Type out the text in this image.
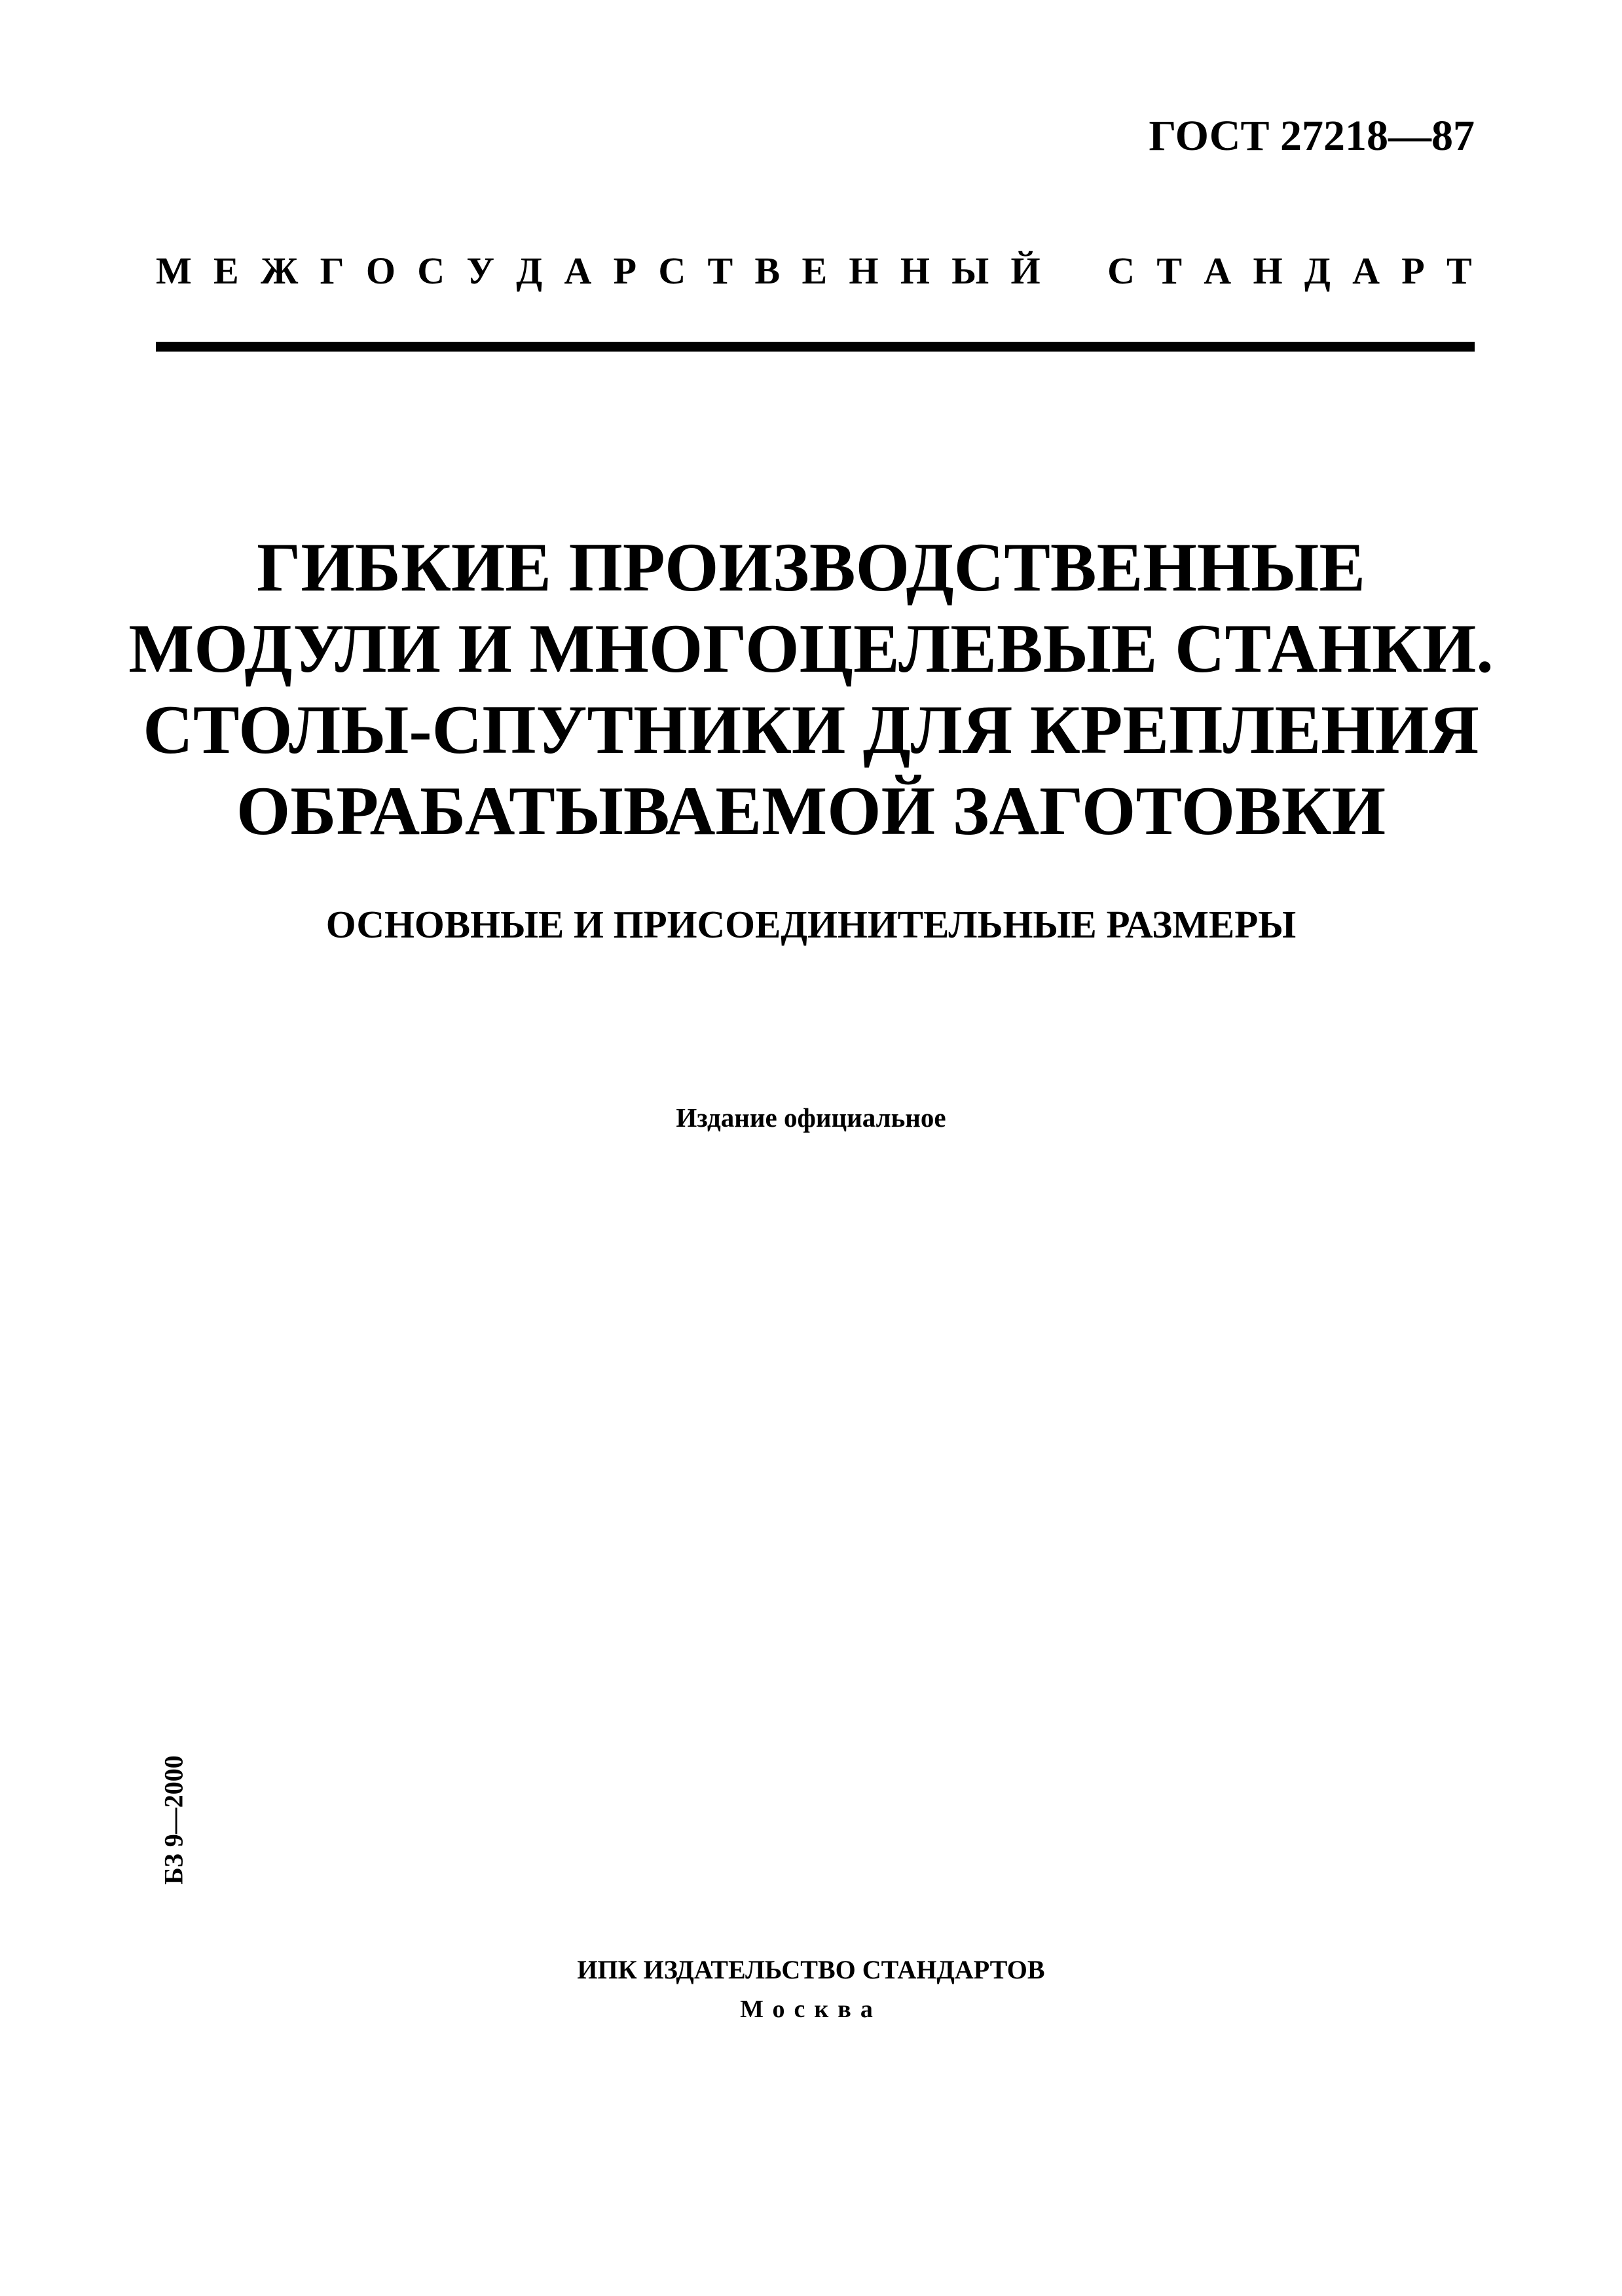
ГОСТ 27218—87
М Е Ж Г О С У Д А Р С Т В Е Н Н Ы Й С Т А Н Д А Р Т
ГИБКИЕ ПРОИЗВОДСТВЕННЫЕ
МОДУЛИ И МНОГОЦЕЛЕВЫЕ СТАНКИ.
СТОЛЫ-СПУТНИКИ ДЛЯ КРЕПЛЕНИЯ
ОБРАБАТЫВАЕМОЙ ЗАГОТОВКИ
ОСНОВНЫЕ И ПРИСОЕДИНИТЕЛЬНЫЕ РАЗМЕРЫ
Издание официальное
БЗ 9—2000
ИПК ИЗДАТЕЛЬСТВО СТАНДАРТОВ
Москва
